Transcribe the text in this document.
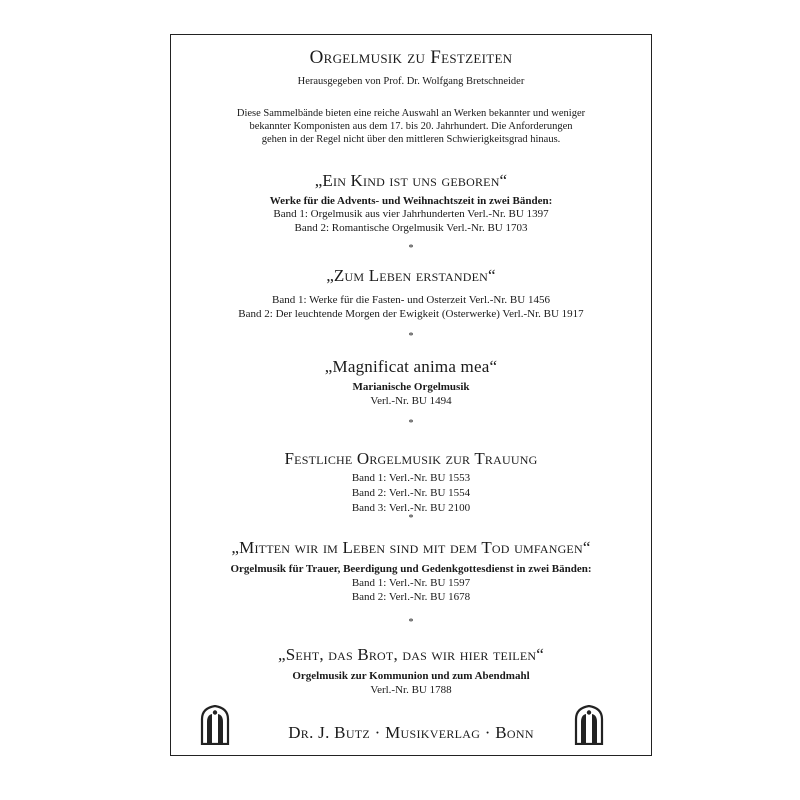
Orgelmusik zu Festzeiten
Herausgegeben von Prof. Dr. Wolfgang Bretschneider
Diese Sammelbände bieten eine reiche Auswahl an Werken bekannter und weniger
bekannter Komponisten aus dem 17. bis 20. Jahrhundert. Die Anforderungen
gehen in der Regel nicht über den mittleren Schwierigkeitsgrad hinaus.
„Ein Kind ist uns geboren“
Werke für die Advents- und Weihnachtszeit in zwei Bänden:
Band 1: Orgelmusik aus vier Jahrhunderten Verl.-Nr. BU 1397
Band 2: Romantische Orgelmusik Verl.-Nr. BU 1703
*
„Zum Leben erstanden“
Band 1: Werke für die Fasten- und Osterzeit Verl.-Nr. BU 1456
Band 2: Der leuchtende Morgen der Ewigkeit (Osterwerke) Verl.-Nr. BU 1917
*
„Magnificat anima mea“
Marianische Orgelmusik
Verl.-Nr. BU 1494
*
Festliche Orgelmusik zur Trauung
Band 1: Verl.-Nr. BU 1553
Band 2: Verl.-Nr. BU 1554
Band 3: Verl.-Nr. BU 2100
*
„Mitten wir im Leben sind mit dem Tod umfangen“
Orgelmusik für Trauer, Beerdigung und Gedenkgottesdienst in zwei Bänden:
Band 1: Verl.-Nr. BU 1597
Band 2: Verl.-Nr. BU 1678
*
„Seht, das Brot, das wir hier teilen“
Orgelmusik zur Kommunion und zum Abendmahl
Verl.-Nr. BU 1788
Dr. J. Butz · Musikverlag · Bonn
